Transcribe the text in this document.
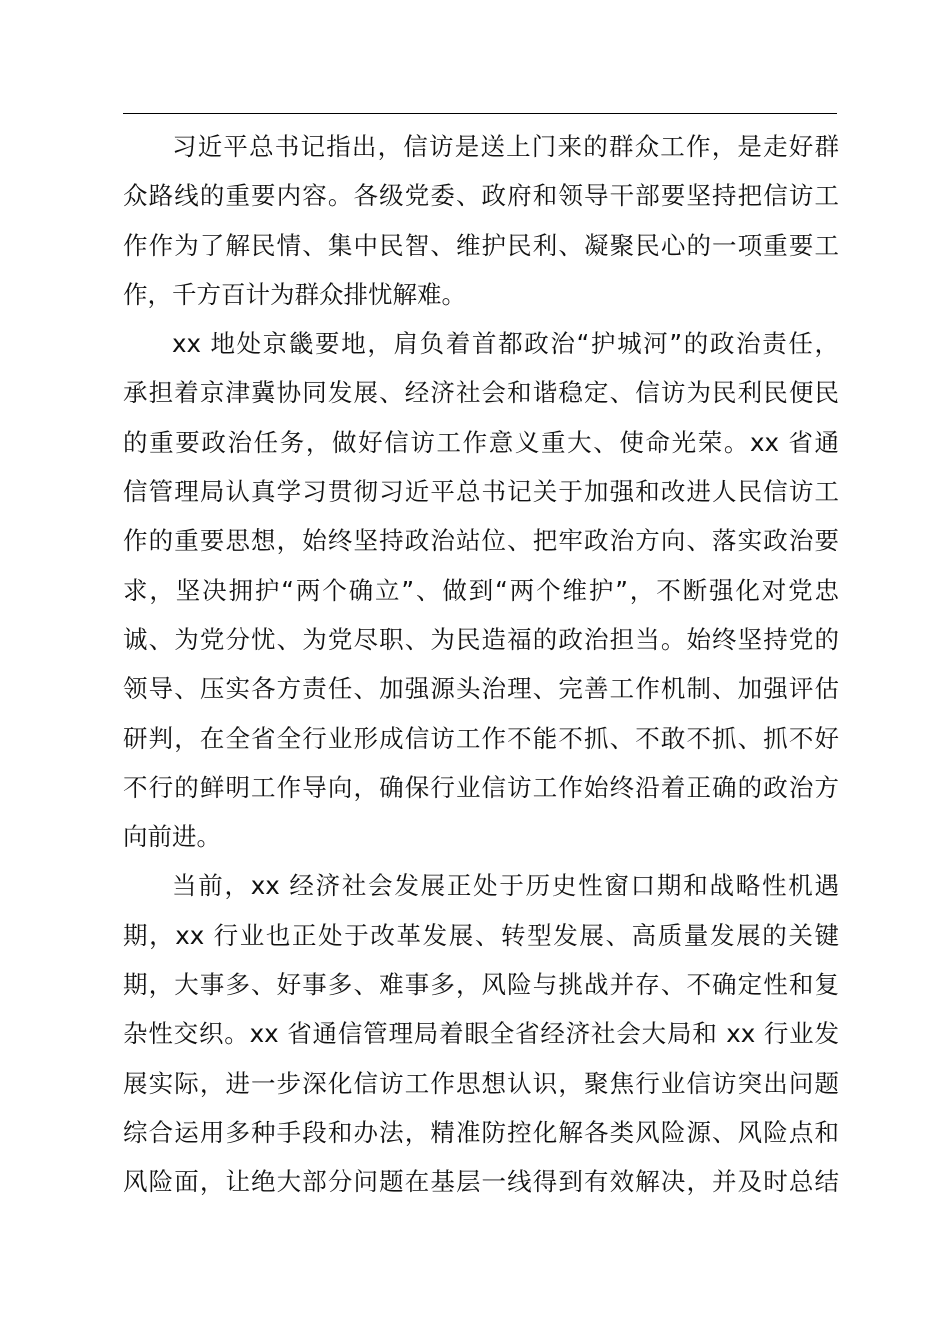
习近平总书记指出，信访是送上门来的群众工作，是走好群
众路线的重要内容。各级党委、政府和领导干部要坚持把信访工
作作为了解民情、集中民智、维护民利、凝聚民心的一项重要工
作，千方百计为群众排忧解难。
xx 地处京畿要地，肩负着首都政治“护城河”的政治责任，
承担着京津冀协同发展、经济社会和谐稳定、信访为民利民便民
的重要政治任务，做好信访工作意义重大、使命光荣。xx 省通
信管理局认真学习贯彻习近平总书记关于加强和改进人民信访工
作的重要思想，始终坚持政治站位、把牢政治方向、落实政治要
求，坚决拥护“两个确立”、做到“两个维护”，不断强化对党忠
诚、为党分忧、为党尽职、为民造福的政治担当。始终坚持党的
领导、压实各方责任、加强源头治理、完善工作机制、加强评估
研判，在全省全行业形成信访工作不能不抓、不敢不抓、抓不好
不行的鲜明工作导向，确保行业信访工作始终沿着正确的政治方
向前进。
当前，xx 经济社会发展正处于历史性窗口期和战略性机遇
期，xx 行业也正处于改革发展、转型发展、高质量发展的关键
期，大事多、好事多、难事多，风险与挑战并存、不确定性和复
杂性交织。xx 省通信管理局着眼全省经济社会大局和 xx 行业发
展实际，进一步深化信访工作思想认识，聚焦行业信访突出问题
综合运用多种手段和办法，精准防控化解各类风险源、风险点和
风险面，让绝大部分问题在基层一线得到有效解决，并及时总结
